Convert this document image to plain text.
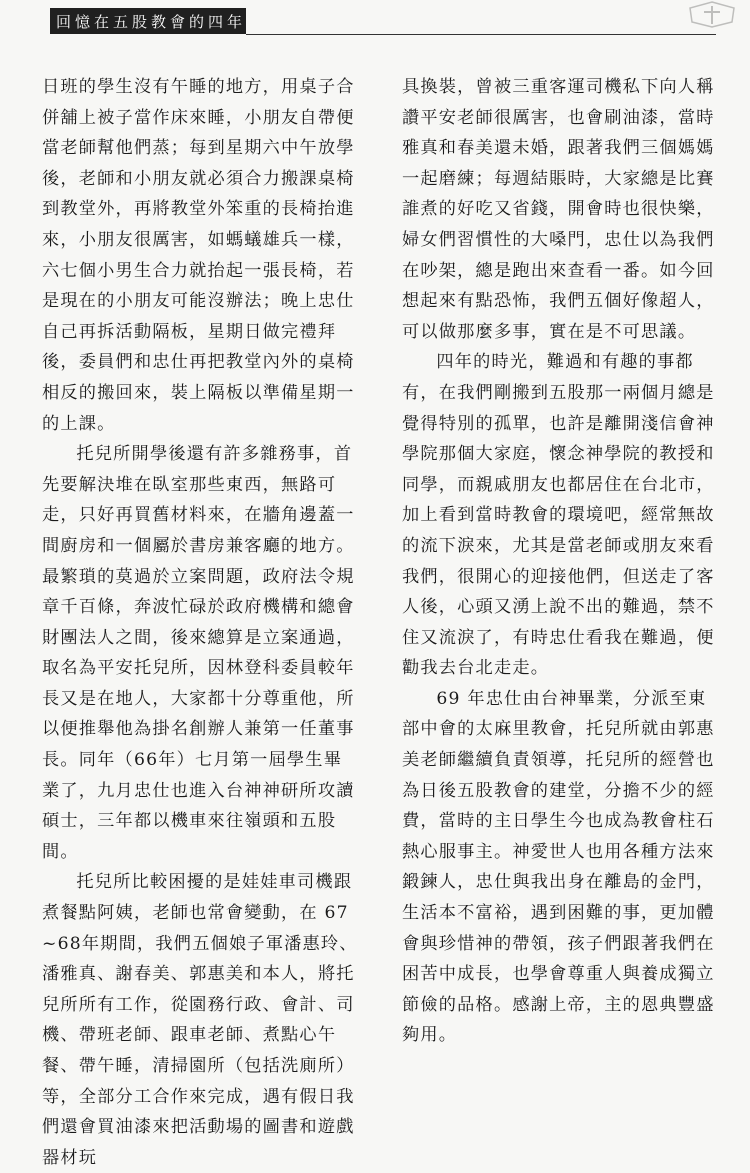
回憶在五股教會的四年

日班的學生沒有午睡的地方，用桌子合併舖上被子當作床來睡，小朋友自帶便當老師幫他們蒸；每到星期六中午放學後，老師和小朋友就必須合力搬課桌椅到教堂外，再將教堂外笨重的長椅抬進來，小朋友很厲害，如螞蟻雄兵一樣，六七個小男生合力就抬起一張長椅，若是現在的小朋友可能沒辦法；晚上忠仕自己再拆活動隔板，星期日做完禮拜後，委員們和忠仕再把教堂內外的桌椅相反的搬回來，裝上隔板以準備星期一的上課。

托兒所開學後還有許多雜務事，首先要解決堆在臥室那些東西，無路可走，只好再買舊材料來，在牆角邊蓋一間廚房和一個屬於書房兼客廳的地方。最繁瑣的莫過於立案問題，政府法令規章千百條，奔波忙碌於政府機構和總會財團法人之間，後來總算是立案通過，取名為平安托兒所，因林登科委員較年長又是在地人，大家都十分尊重他，所以便推舉他為掛名創辦人兼第一任董事長。同年（66年）七月第一屆學生畢業了，九月忠仕也進入台神神研所攻讀碩士，三年都以機車來往嶺頭和五股間。

托兒所比較困擾的是娃娃車司機跟煮餐點阿姨，老師也常會變動，在 67~68年期間，我們五個娘子軍潘惠玲、潘雅真、謝春美、郭惠美和本人，將托兒所所有工作，從園務行政、會計、司機、帶班老師、跟車老師、煮點心午餐、帶午睡，清掃園所（包括洗廁所）等，全部分工合作來完成，遇有假日我們還會買油漆來把活動場的圖書和遊戲器材玩

具換裝，曾被三重客運司機私下向人稱讚平安老師很厲害，也會刷油漆，當時雅真和春美還未婚，跟著我們三個媽媽一起磨練；每週結賬時，大家總是比賽誰煮的好吃又省錢，開會時也很快樂，婦女們習慣性的大嗓門，忠仕以為我們在吵架，總是跑出來查看一番。如今回想起來有點恐怖，我們五個好像超人，可以做那麼多事，實在是不可思議。

四年的時光，難過和有趣的事都有，在我們剛搬到五股那一兩個月總是覺得特別的孤單，也許是離開淺信會神學院那個大家庭，懷念神學院的教授和同學，而親戚朋友也都居住在台北市，加上看到當時教會的環境吧，經常無故的流下淚來，尤其是當老師或朋友來看我們，很開心的迎接他們，但送走了客人後，心頭又湧上說不出的難過，禁不住又流淚了，有時忠仕看我在難過，便勸我去台北走走。

69 年忠仕由台神畢業，分派至東部中會的太麻里教會，托兒所就由郭惠美老師繼續負責領導，托兒所的經營也為日後五股教會的建堂，分擔不少的經費，當時的主日學生今也成為教會柱石熱心服事主。神愛世人也用各種方法來鍛鍊人，忠仕與我出身在離島的金門，生活本不富裕，遇到困難的事，更加體會與珍惜神的帶領，孩子們跟著我們在困苦中成長，也學會尊重人與養成獨立節儉的品格。感謝上帝，主的恩典豐盛夠用。
